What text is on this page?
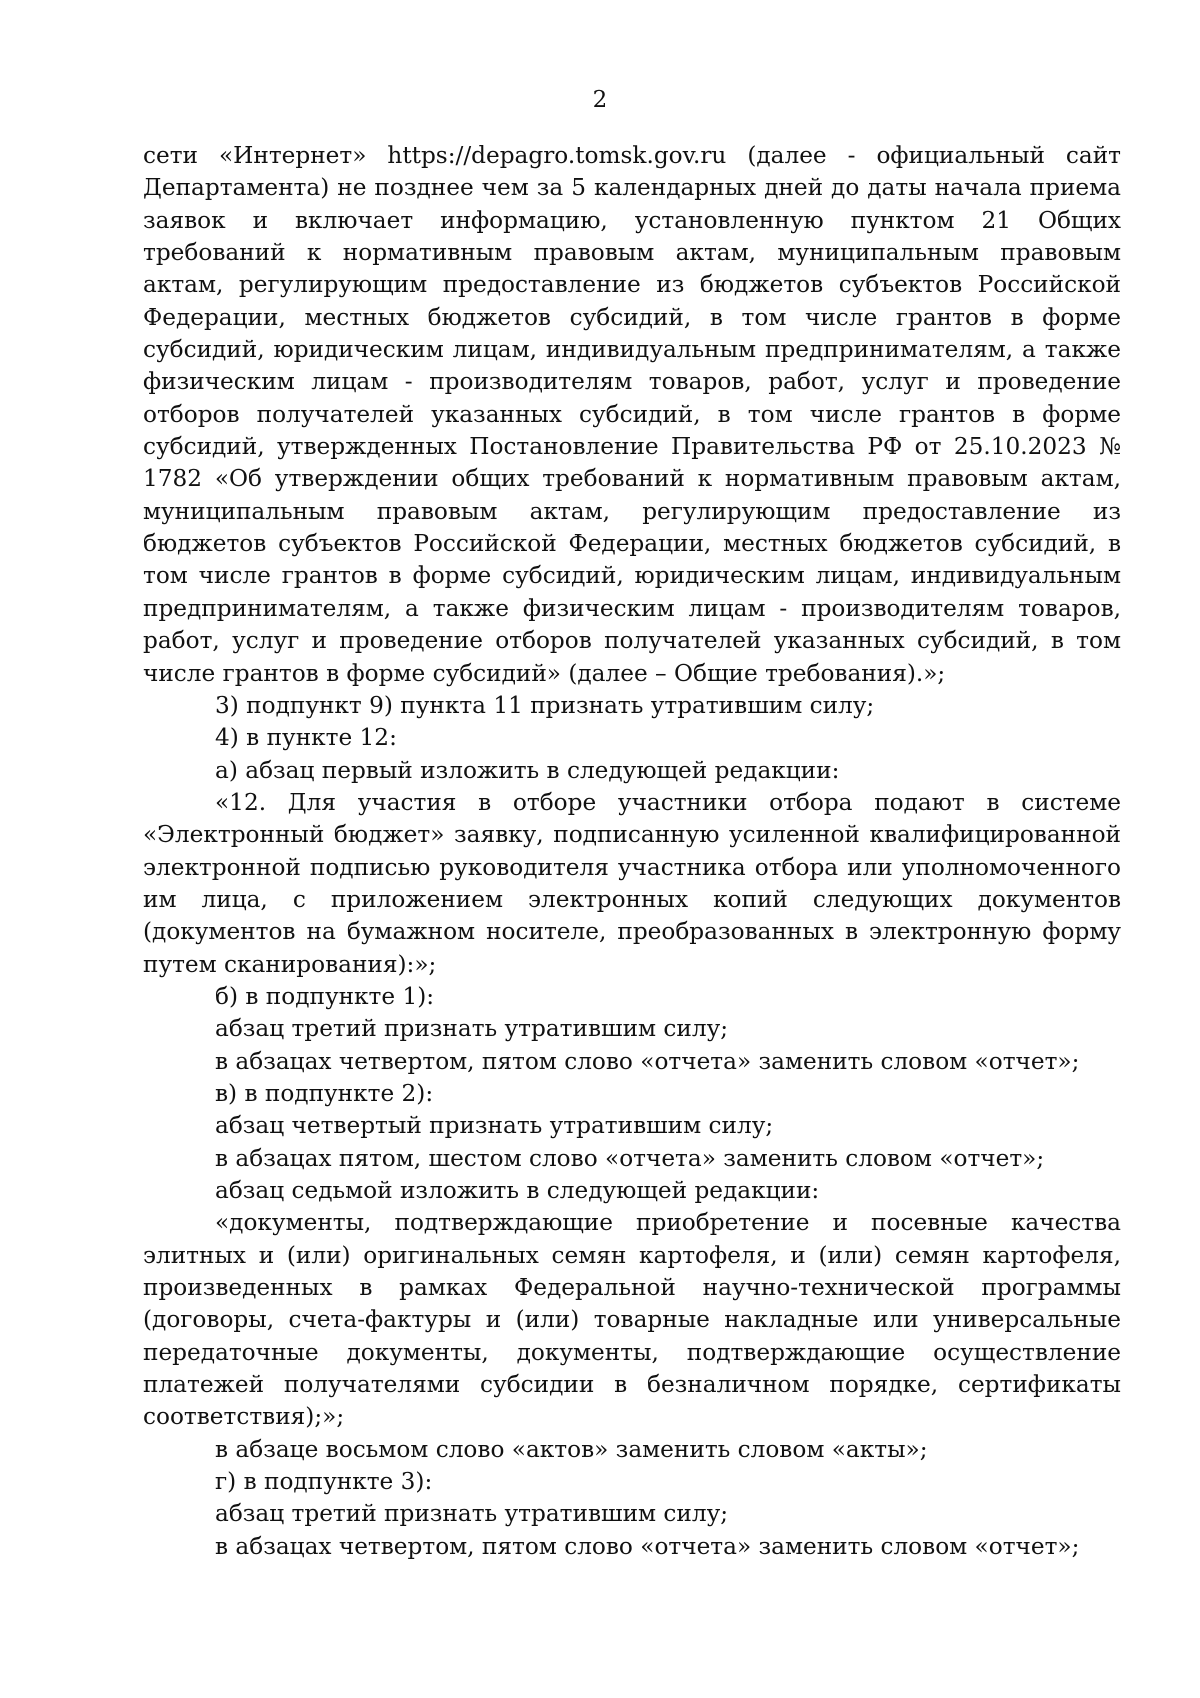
2

сети «Интернет» https://depagro.tomsk.gov.ru (далее - официальный сайт Департамента) не позднее чем за 5 календарных дней до даты начала приема заявок и включает информацию, установленную пунктом 21 Общих требований к нормативным правовым актам, муниципальным правовым актам, регулирующим предоставление из бюджетов субъектов Российской Федерации, местных бюджетов субсидий, в том числе грантов в форме субсидий, юридическим лицам, индивидуальным предпринимателям, а также физическим лицам - производителям товаров, работ, услуг и проведение отборов получателей указанных субсидий, в том числе грантов в форме субсидий, утвержденных Постановление Правительства РФ от 25.10.2023 № 1782 «Об утверждении общих требований к нормативным правовым актам, муниципальным правовым актам, регулирующим предоставление из бюджетов субъектов Российской Федерации, местных бюджетов субсидий, в том числе грантов в форме субсидий, юридическим лицам, индивидуальным предпринимателям, а также физическим лицам - производителям товаров, работ, услуг и проведение отборов получателей указанных субсидий, в том числе грантов в форме субсидий» (далее – Общие требования).»;

3) подпункт 9) пункта 11 признать утратившим силу;

4) в пункте 12:

а) абзац первый изложить в следующей редакции:

«12. Для участия в отборе участники отбора подают в системе «Электронный бюджет» заявку, подписанную усиленной квалифицированной электронной подписью руководителя участника отбора или уполномоченного им лица, с приложением электронных копий следующих документов (документов на бумажном носителе, преобразованных в электронную форму путем сканирования):»;

б) в подпункте 1):

абзац третий признать утратившим силу;

в абзацах четвертом, пятом слово «отчета» заменить словом «отчет»;

в) в подпункте 2):

абзац четвертый признать утратившим силу;

в абзацах пятом, шестом слово «отчета» заменить словом «отчет»;

абзац седьмой изложить в следующей редакции:

«документы, подтверждающие приобретение и посевные качества элитных и (или) оригинальных семян картофеля, и (или) семян картофеля, произведенных в рамках Федеральной научно-технической программы (договоры, счета-фактуры и (или) товарные накладные или универсальные передаточные документы, документы, подтверждающие осуществление платежей получателями субсидии в безналичном порядке, сертификаты соответствия);»;

в абзаце восьмом слово «актов» заменить словом «акты»;

г) в подпункте 3):

абзац третий признать утратившим силу;

в абзацах четвертом, пятом слово «отчета» заменить словом «отчет»;
